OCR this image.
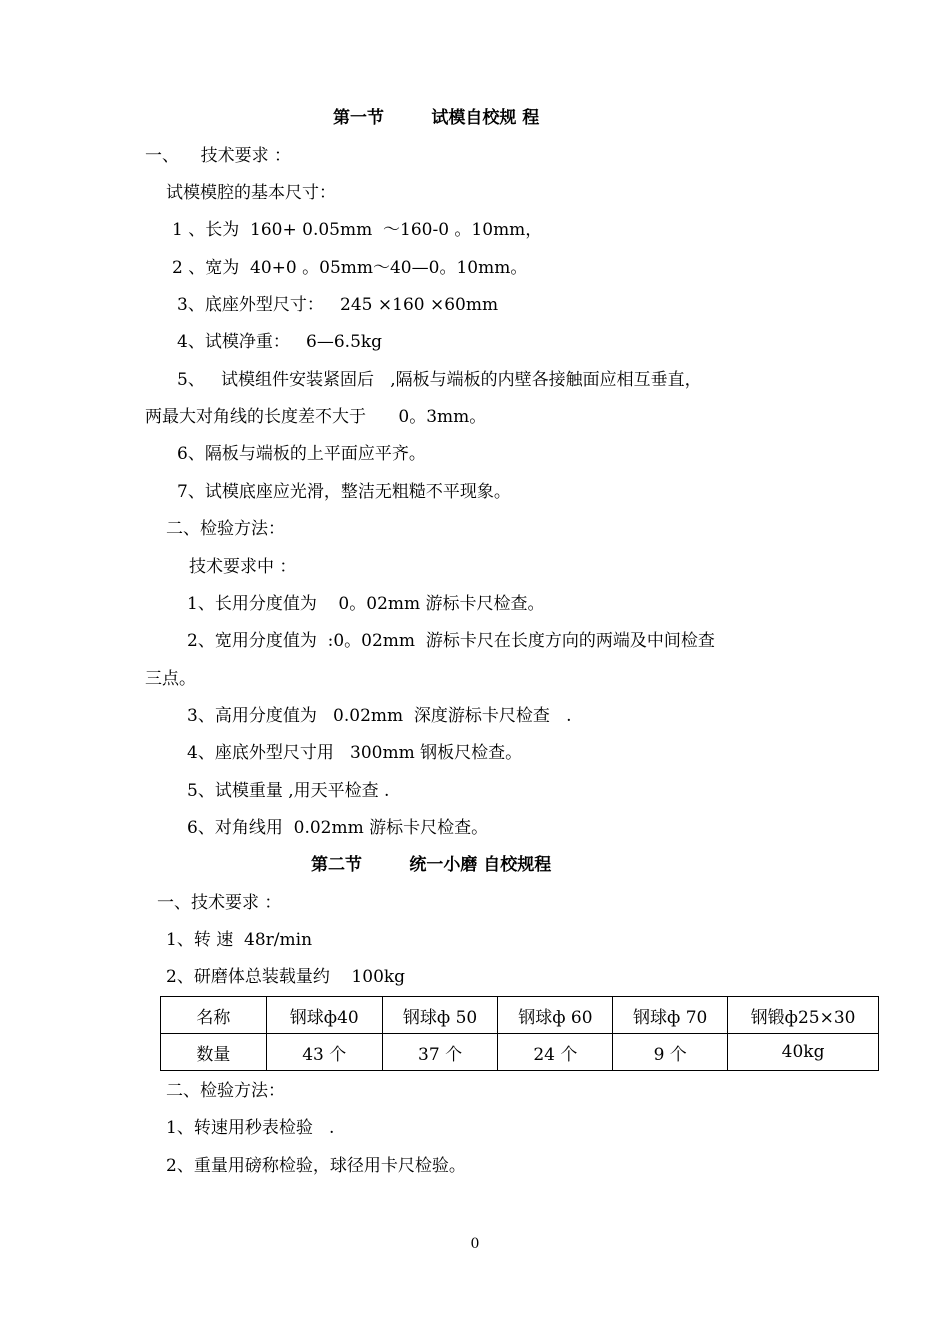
第一节        试模自校规 程
一、    技术要求 ：
试模模腔的基本尺寸：
1 、长为  160+ 0.05mm  ～160-0 。10mm，
2 、宽为  40+0 。05mm～40—0。10mm。
3、底座外型尺寸：   245 ×160 ×60mm
4、试模净重：   6—6.5kg
5、   试模组件安装紧固后   ,隔板与端板的内壁各接触面应相互垂直，
两最大对角线的长度差不大于      0。3mm。
6、隔板与端板的上平面应平齐。
7、试模底座应光滑，整洁无粗糙不平现象。
二、检验方法：
技术要求中 ：
1、长用分度值为    0。02mm 游标卡尺检查。
2、宽用分度值为  :0。02mm  游标卡尺在长度方向的两端及中间检查
三点。
3、高用分度值为   0.02mm  深度游标卡尺检查   .
4、座底外型尺寸用   300mm 钢板尺检查。
5、试模重量 ,用天平检查 .
6、对角线用  0.02mm 游标卡尺检查。
第二节        统一小磨 自校规程
一、技术要求 ：
1、转 速  48r/min
2、研磨体总装载量约    100kg
名称	钢球ф40	钢球ф 50	钢球ф 60	钢球ф 70	钢锻ф25×30
数量	43 个	37 个	24 个	9 个	40kg
二、检验方法：
1、转速用秒表检验   .
2、重量用磅称检验，球径用卡尺检验。
0
